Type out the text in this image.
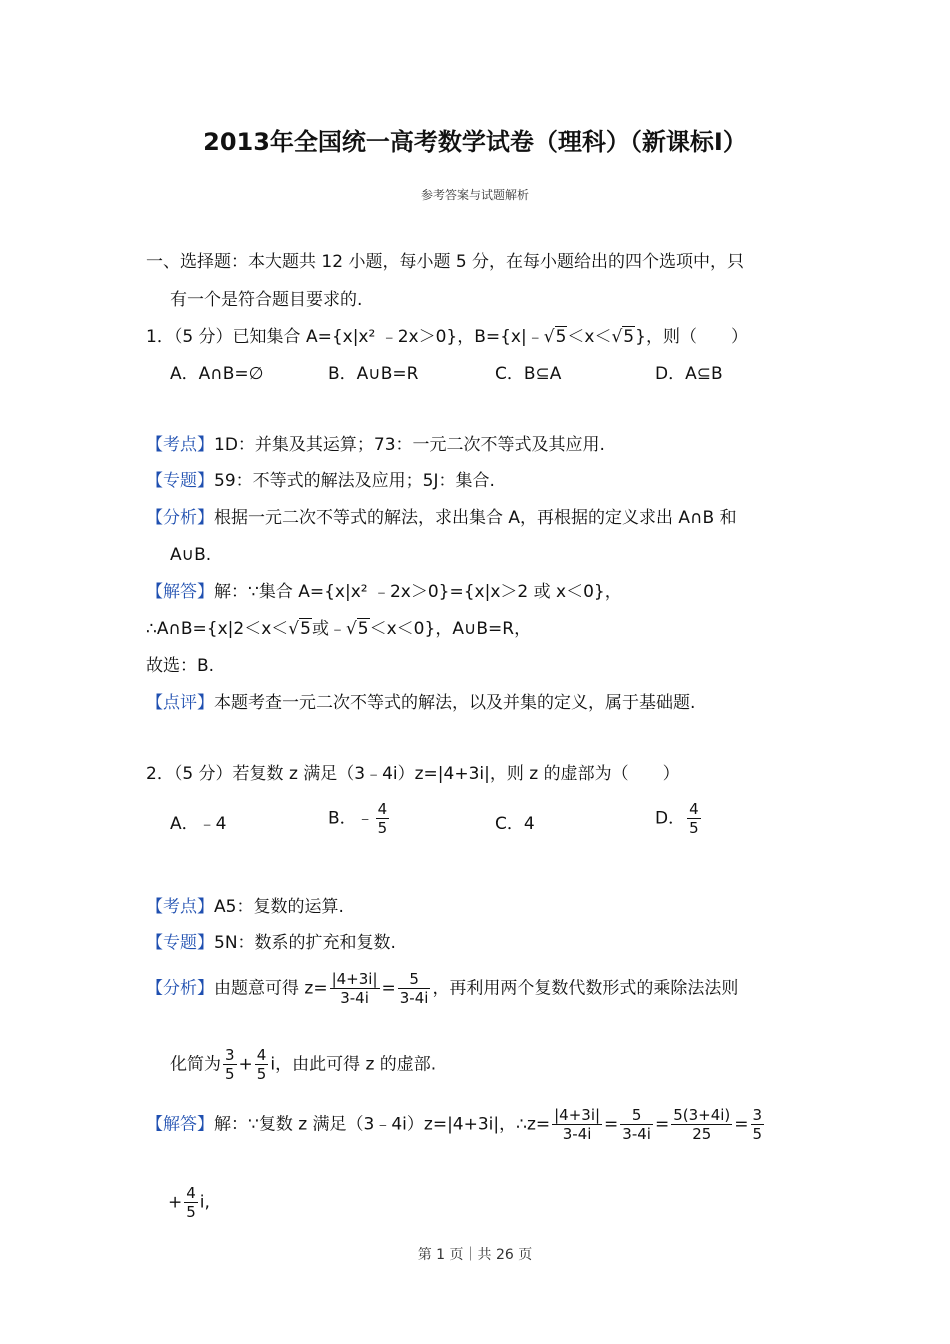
2013年全国统一高考数学试卷（理科）（新课标Ⅰ）
参考答案与试题解析
一、选择题：本大题共 12 小题，每小题 5 分，在每小题给出的四个选项中，只
有一个是符合题目要求的.
1．（5 分）已知集合 A={x|x² ﹣2x＞0}，B={x|﹣√5＜x＜√5}，则（　　）
A．A∩B=∅	B．A∪B=R	C．B⊆A	D．A⊆B
【考点】1D：并集及其运算；73：一元二次不等式及其应用.
【专题】59：不等式的解法及应用；5J：集合.
【分析】根据一元二次不等式的解法，求出集合 A，再根据的定义求出 A∩B 和
A∪B.
【解答】解：∵集合 A={x|x² ﹣2x＞0}={x|x＞2 或 x＜0}，
∴A∩B={x|2＜x＜√5或﹣√5＜x＜0}，A∪B=R，
故选：B.
【点评】本题考查一元二次不等式的解法，以及并集的定义，属于基础题.
2．（5 分）若复数 z 满足（3﹣4i）z=|4+3i|，则 z 的虚部为（　　）
A．﹣4	B．﹣ $\frac{4}{5}$	C．4	D． $\frac{4}{5}$
【考点】A5：复数的运算.
【专题】5N：数系的扩充和复数.
【分析】由题意可得 $z= \frac{|4+3i|}{3-4i} = \frac{5}{3-4i}$ ，再利用两个复数代数形式的乘除法法则
化简为 $\frac{3}{5} + \frac{4}{5}$ i，由此可得 z 的虚部.
【解答】解：∵复数 z 满足（3﹣4i）z=|4+3i|，∴z= $\frac{|4+3i|}{3-4i} = \frac{5}{3-4i} = \frac{5(3+4i)}{25} = \frac{3}{5}$
+ $\frac{4}{5} i$,
第 1 页｜共 26 页
